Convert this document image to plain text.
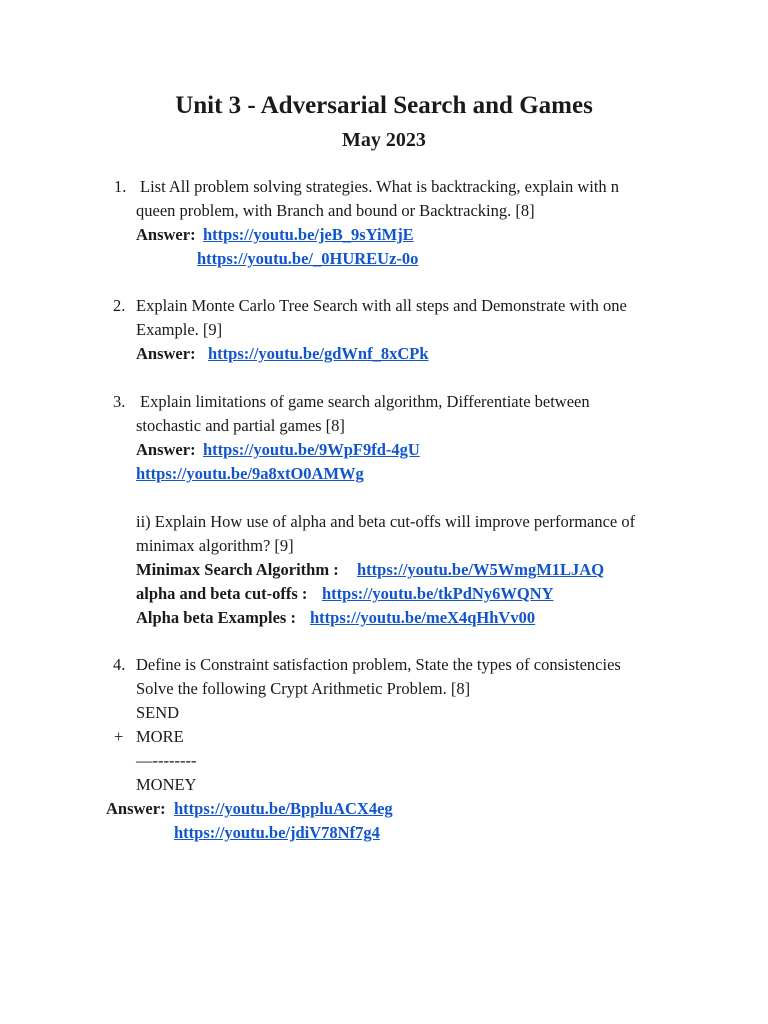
Unit 3 - Adversarial Search and Games
May 2023
1. List All problem solving strategies. What is backtracking, explain with n
queen problem, with Branch and bound or Backtracking. [8]
Answer: https://youtu.be/jeB_9sYiMjE
https://youtu.be/_0HUREUz-0o
2. Explain Monte Carlo Tree Search with all steps and Demonstrate with one
Example. [9]
Answer: https://youtu.be/gdWnf_8xCPk
3. Explain limitations of game search algorithm, Differentiate between
stochastic and partial games [8]
Answer: https://youtu.be/9WpF9fd-4gU
https://youtu.be/9a8xtO0AMWg
ii) Explain How use of alpha and beta cut-offs will improve performance of
minimax algorithm? [9]
Minimax Search Algorithm : https://youtu.be/W5WmgM1LJAQ
alpha and beta cut-offs : https://youtu.be/tkPdNy6WQNY
Alpha beta Examples : https://youtu.be/meX4qHhVv00
4. Define is Constraint satisfaction problem, State the types of consistencies
Solve the following Crypt Arithmetic Problem. [8]
SEND
+ MORE
—--------
MONEY
Answer: https://youtu.be/BppluACX4eg
https://youtu.be/jdiV78Nf7g4
